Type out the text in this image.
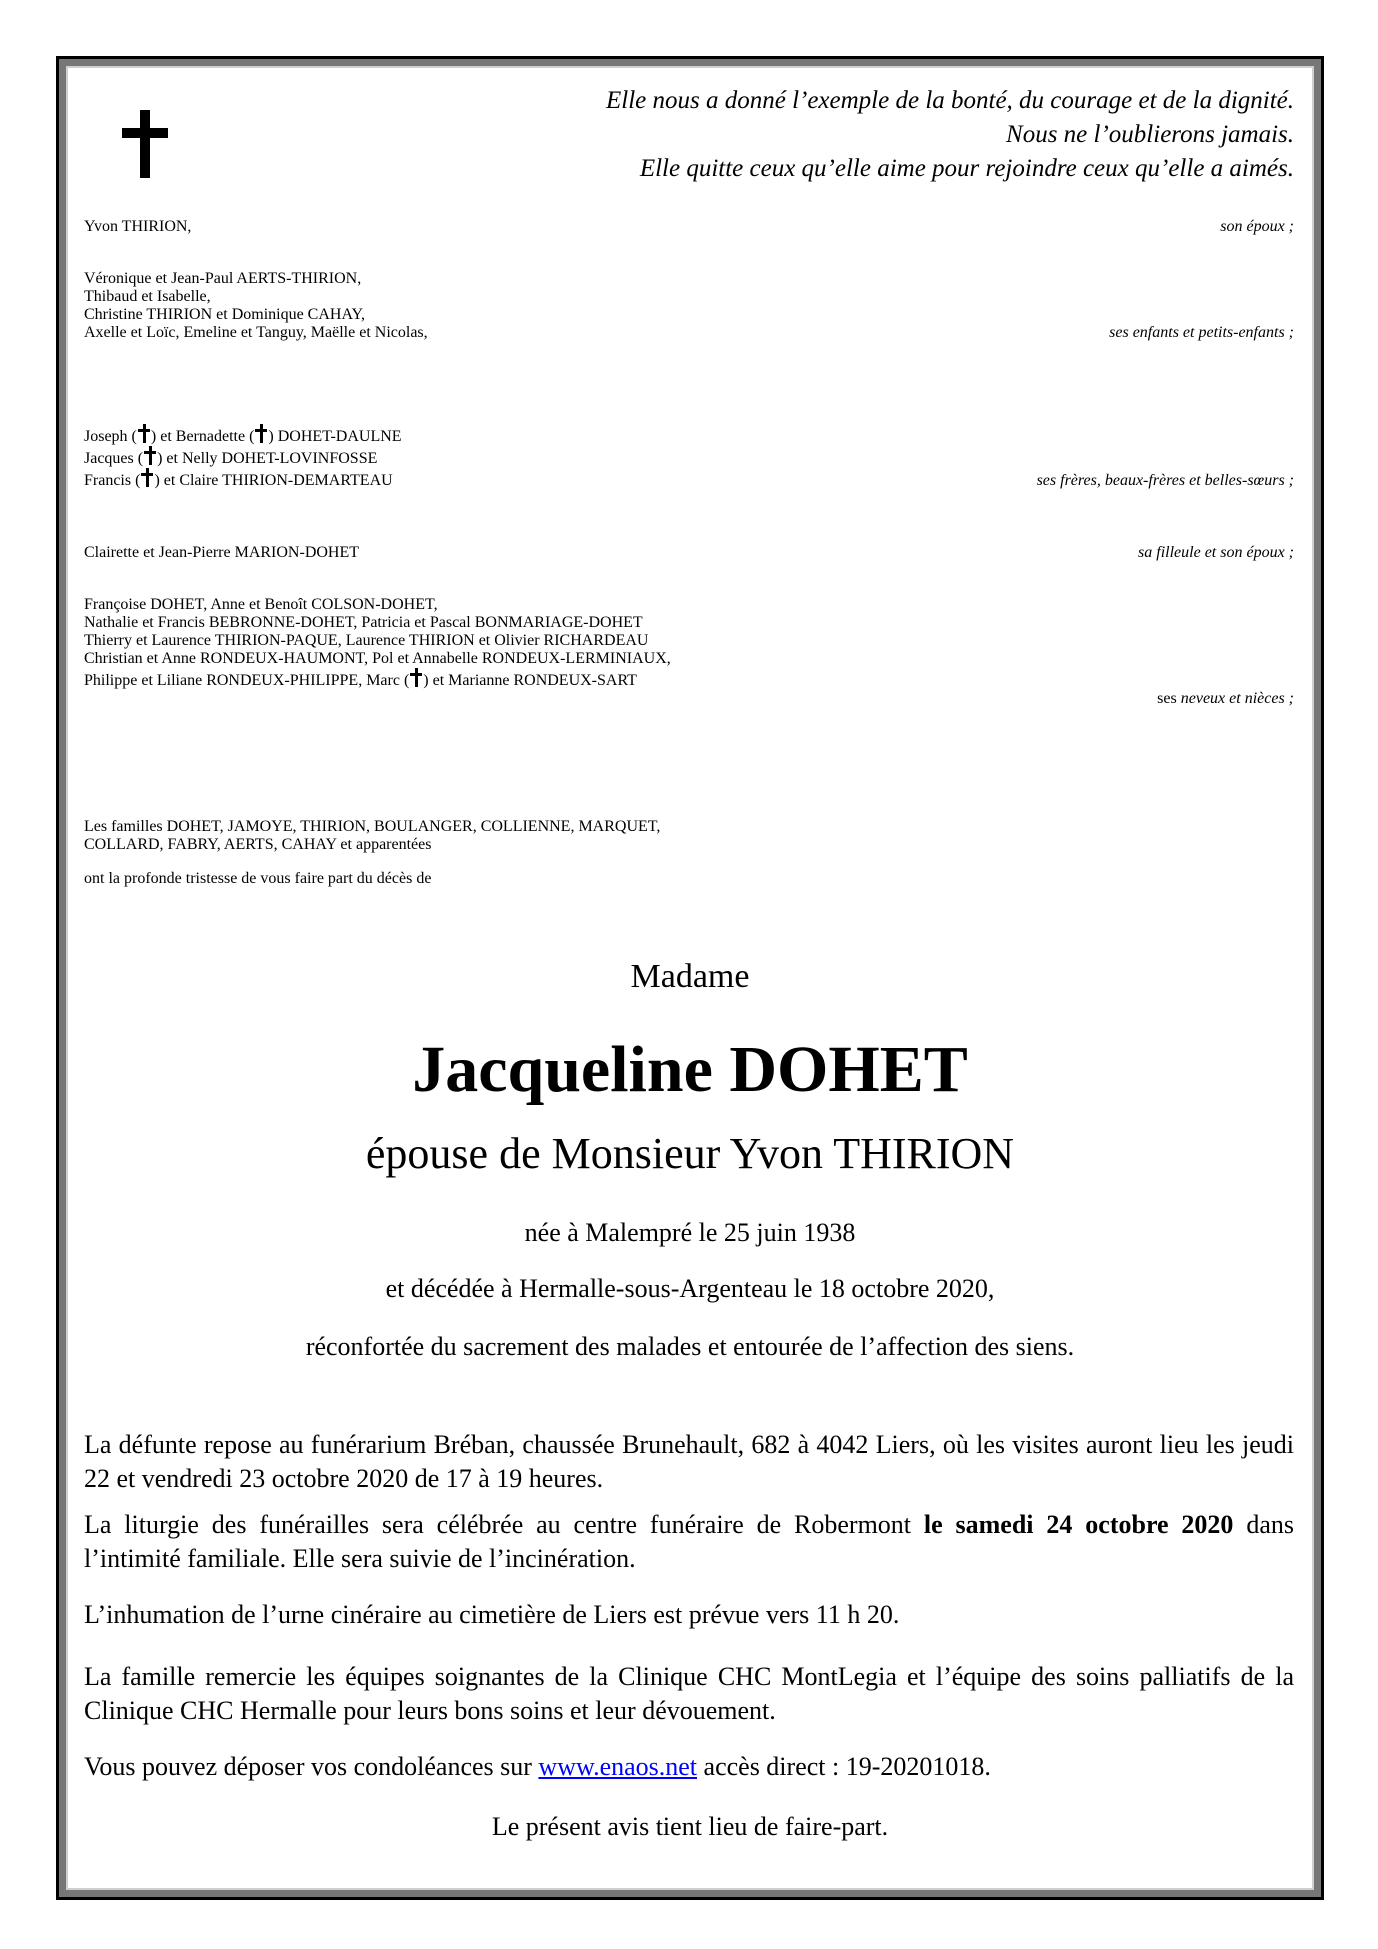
Elle nous a donné l’exemple de la bonté, du courage et de la dignité.
Nous ne l’oublierons jamais.
Elle quitte ceux qu’elle aime pour rejoindre ceux qu’elle a aimés.
Yvon THIRION,	son époux ;
Véronique et Jean-Paul AERTS-THIRION,
Thibaud et Isabelle,
Christine THIRION et Dominique CAHAY,
Axelle et Loïc, Emeline et Tanguy, Maëlle et Nicolas,	ses enfants et petits-enfants ;
Joseph ( ) et Bernadette ( ) DOHET-DAULNE
Jacques ( ) et Nelly DOHET-LOVINFOSSE
Francis ( ) et Claire THIRION-DEMARTEAU	ses frères, beaux-frères et belles-sœurs ;
Clairette et Jean-Pierre MARION-DOHET	sa filleule et son époux ;
Françoise DOHET, Anne et Benoît COLSON-DOHET,
Nathalie et Francis BEBRONNE-DOHET, Patricia et Pascal BONMARIAGE-DOHET
Thierry et Laurence THIRION-PAQUE, Laurence THIRION et Olivier RICHARDEAU
Christian et Anne RONDEUX-HAUMONT, Pol et Annabelle RONDEUX-LERMINIAUX,
Philippe et Liliane RONDEUX-PHILIPPE, Marc ( ) et Marianne RONDEUX-SART
ses neveux et nièces ;
Les familles DOHET, JAMOYE, THIRION, BOULANGER, COLLIENNE, MARQUET,
COLLARD, FABRY, AERTS, CAHAY et apparentées
ont la profonde tristesse de vous faire part du décès de
Madame
Jacqueline DOHET
épouse de Monsieur Yvon THIRION
née à Malempré le 25 juin 1938
et décédée à Hermalle-sous-Argenteau le 18 octobre 2020,
réconfortée du sacrement des malades et entourée de l’affection des siens.
La défunte repose au funérarium Bréban, chaussée Brunehault, 682 à 4042 Liers, où les visites auront lieu les jeudi 22 et vendredi 23 octobre 2020 de 17 à 19 heures.
La liturgie des funérailles sera célébrée au centre funéraire de Robermont le samedi 24 octobre 2020 dans l’intimité familiale. Elle sera suivie de l’incinération.
L’inhumation de l’urne cinéraire au cimetière de Liers est prévue vers 11 h 20.
La famille remercie les équipes soignantes de la Clinique CHC MontLegia et l’équipe des soins palliatifs de la Clinique CHC Hermalle pour leurs bons soins et leur dévouement.
Vous pouvez déposer vos condoléances sur www.enaos.net accès direct : 19-20201018.
Le présent avis tient lieu de faire-part.
